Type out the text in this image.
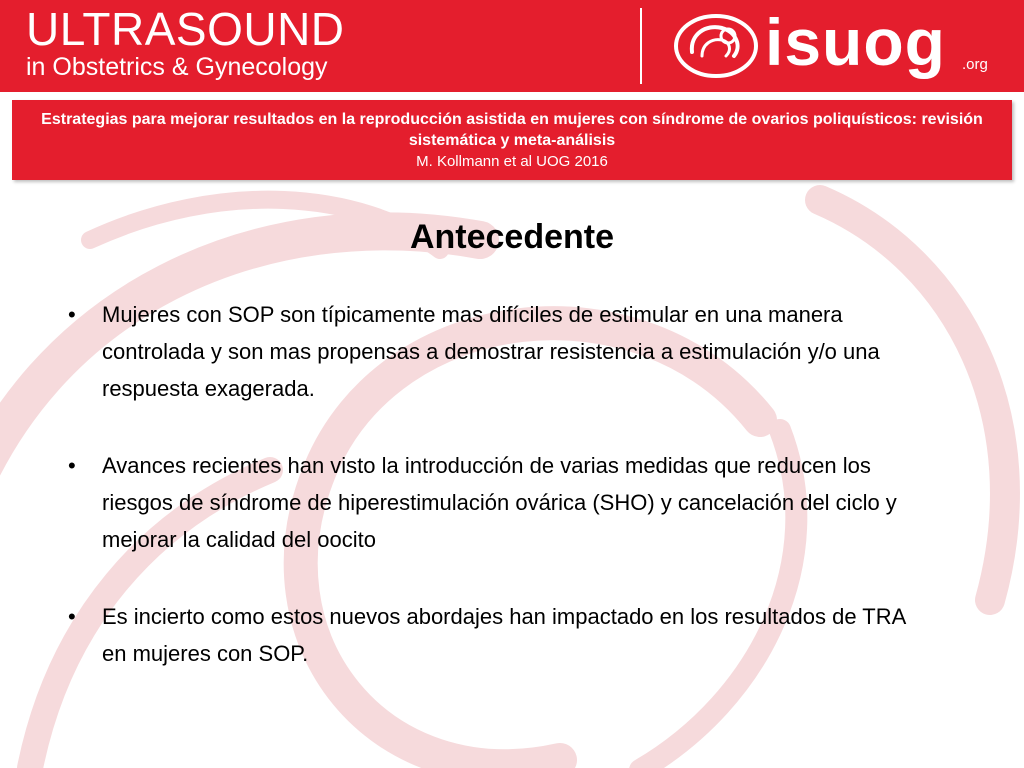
ULTRASOUND
in Obstetrics & Gynecology	isuog .org
Estrategias para mejorar resultados en la reproducción asistida en mujeres con síndrome de ovarios poliquísticos: revisión sistemática y meta-análisis
M. Kollmann et al UOG 2016
Antecedente
• Mujeres con SOP son típicamente mas difíciles de estimular en una manera controlada y son mas propensas a demostrar resistencia a estimulación y/o una respuesta exagerada.
• Avances recientes han visto la introducción de varias medidas que reducen los riesgos de síndrome de hiperestimulación ovárica (SHO) y cancelación del ciclo y mejorar la calidad del oocito
• Es incierto como estos nuevos abordajes han impactado en los resultados de TRA en mujeres con SOP.
